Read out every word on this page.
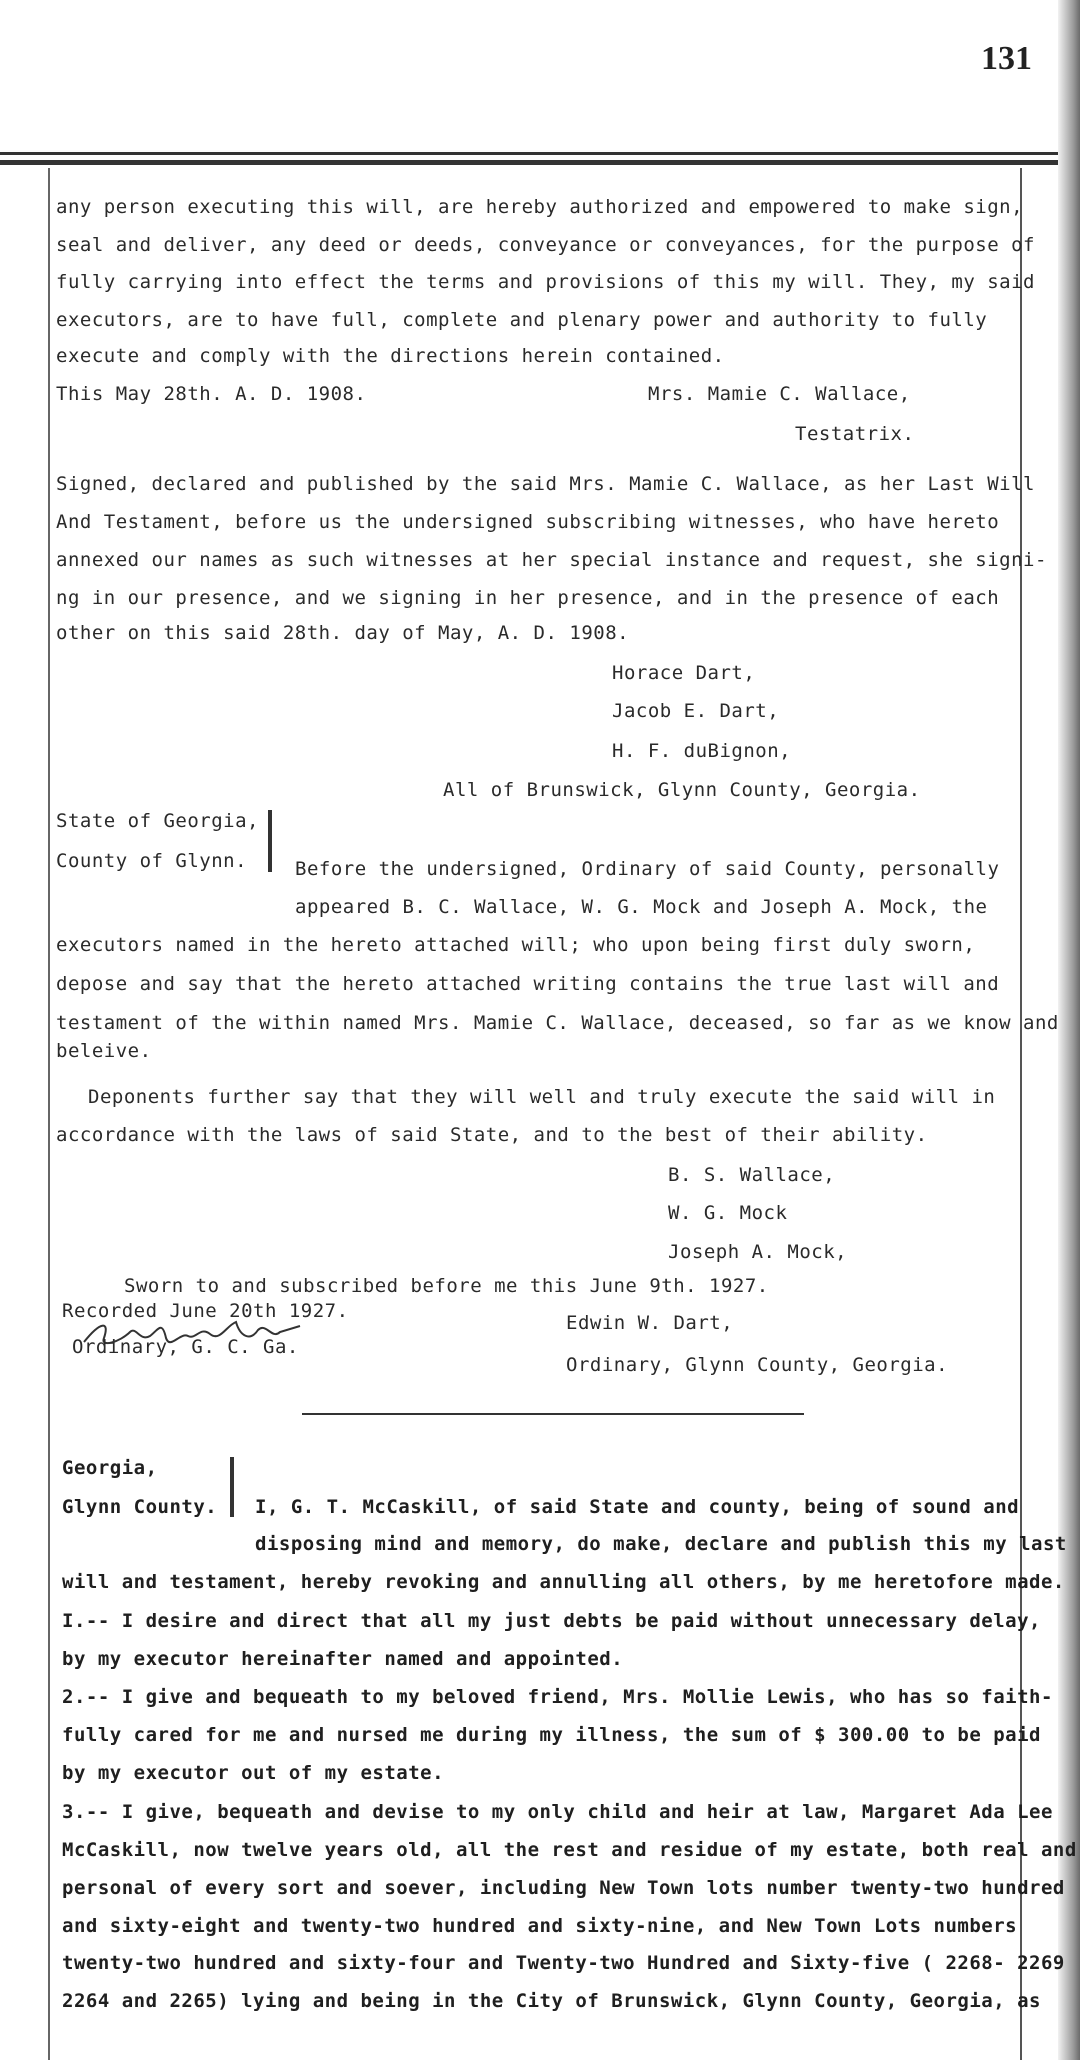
131
any person executing this will, are hereby authorized and empowered to make sign,
seal and deliver, any deed or deeds, conveyance or conveyances, for the purpose of
fully carrying into effect the terms and provisions of this my will. They, my said
executors, are to have full, complete and plenary power and authority to fully
execute and comply with the directions herein contained.
This May 28th. A. D. 1908.	Mrs. Mamie C. Wallace,
Testatrix.
Signed, declared and published by the said Mrs. Mamie C. Wallace, as her Last Will
And Testament, before us the undersigned subscribing witnesses, who have hereto
annexed our names as such witnesses at her special instance and request, she signi-
ng in our presence, and we signing in her presence, and in the presence of each
other on this said 28th. day of May, A. D. 1908.
Horace Dart,
Jacob E. Dart,
H. F. duBignon,
All of Brunswick, Glynn County, Georgia.
State of Georgia,
County of Glynn.	Before the undersigned, Ordinary of said County, personally
appeared B. C. Wallace, W. G. Mock and Joseph A. Mock, the
executors named in the hereto attached will; who upon being first duly sworn,
depose and say that the hereto attached writing contains the true last will and
testament of the within named Mrs. Mamie C. Wallace, deceased, so far as we know and
beleive.
Deponents further say that they will well and truly execute the said will in
accordance with the laws of said State, and to the best of their ability.
B. S. Wallace,
W. G. Mock
Joseph A. Mock,
Sworn to and subscribed before me this June 9th. 1927.
Recorded June 20th 1927.
Ordinary, G. C. Ga.
Edwin W. Dart,
Ordinary, Glynn County, Georgia.
Georgia,
Glynn County. I, G. T. McCaskill, of said State and county, being of sound and
disposing mind and memory, do make, declare and publish this my last
will and testament, hereby revoking and annulling all others, by me heretofore made.
I.-- I desire and direct that all my just debts be paid without unnecessary delay,
by my executor hereinafter named and appointed.
2.-- I give and bequeath to my beloved friend, Mrs. Mollie Lewis, who has so faith-
fully cared for me and nursed me during my illness, the sum of $ 300.00 to be paid
by my executor out of my estate.
3.-- I give, bequeath and devise to my only child and heir at law, Margaret Ada Lee
McCaskill, now twelve years old, all the rest and residue of my estate, both real and
personal of every sort and soever, including New Town lots number twenty-two hundred
and sixty-eight and twenty-two hundred and sixty-nine, and New Town Lots numbers
twenty-two hundred and sixty-four and Twenty-two Hundred and Sixty-five ( 2268- 2269
2264 and 2265) lying and being in the City of Brunswick, Glynn County, Georgia, as
